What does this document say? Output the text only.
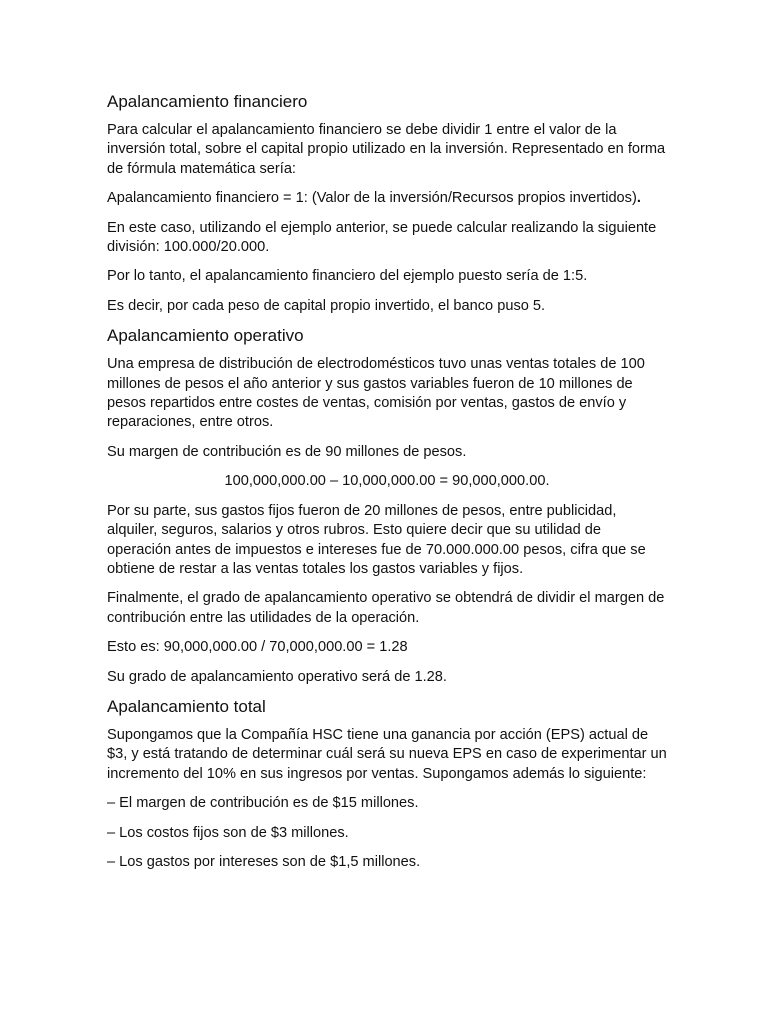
Apalancamiento financiero

Para calcular el apalancamiento financiero se debe dividir 1 entre el valor de la inversión total, sobre el capital propio utilizado en la inversión. Representado en forma de fórmula matemática sería:

Apalancamiento financiero = 1: (Valor de la inversión/Recursos propios invertidos).

En este caso, utilizando el ejemplo anterior, se puede calcular realizando la siguiente división: 100.000/20.000.

Por lo tanto, el apalancamiento financiero del ejemplo puesto sería de 1:5.

Es decir, por cada peso de capital propio invertido, el banco puso 5.

Apalancamiento operativo

Una empresa de distribución de electrodomésticos tuvo unas ventas totales de 100 millones de pesos el año anterior y sus gastos variables fueron de 10 millones de pesos repartidos entre costes de ventas, comisión por ventas, gastos de envío y reparaciones, entre otros.

Su margen de contribución es de 90 millones de pesos.

100,000,000.00 – 10,000,000.00 = 90,000,000.00.

Por su parte, sus gastos fijos fueron de 20 millones de pesos, entre publicidad, alquiler, seguros, salarios y otros rubros. Esto quiere decir que su utilidad de operación antes de impuestos e intereses fue de 70.000.000.00 pesos, cifra que se obtiene de restar a las ventas totales los gastos variables y fijos.

Finalmente, el grado de apalancamiento operativo se obtendrá de dividir el margen de contribución entre las utilidades de la operación.

Esto es: 90,000,000.00 / 70,000,000.00 = 1.28

Su grado de apalancamiento operativo será de 1.28.

Apalancamiento total

Supongamos que la Compañía HSC tiene una ganancia por acción (EPS) actual de $3, y está tratando de determinar cuál será su nueva EPS en caso de experimentar un incremento del 10% en sus ingresos por ventas. Supongamos además lo siguiente:

– El margen de contribución es de $15 millones.

– Los costos fijos son de $3 millones.

– Los gastos por intereses son de $1,5 millones.
